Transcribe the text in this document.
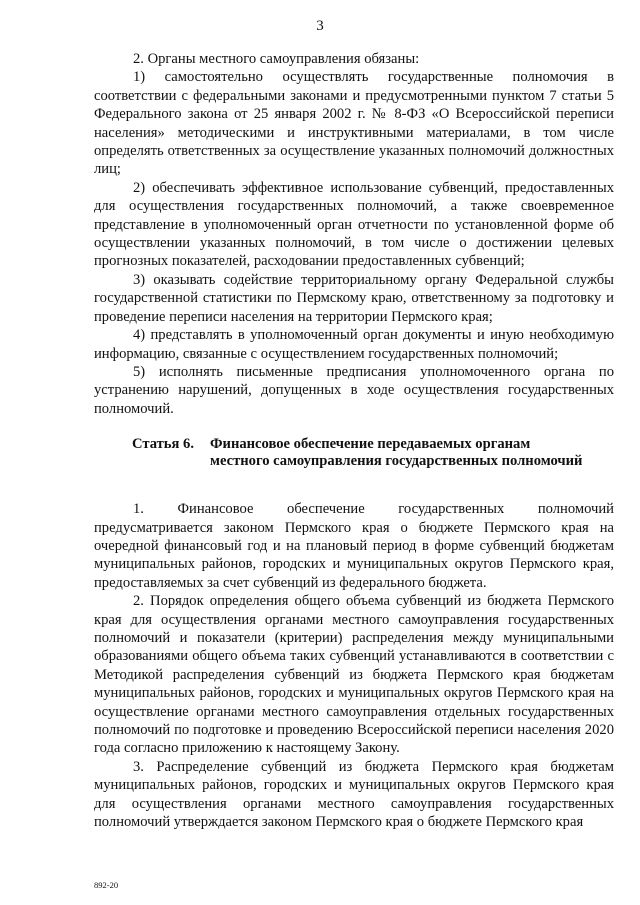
3

2. Органы местного самоуправления обязаны:

1) самостоятельно осуществлять государственные полномочия в соответствии с федеральными законами и предусмотренными пунктом 7 статьи 5 Федерального закона от 25 января 2002 г. № 8-ФЗ «О Всероссийской переписи населения» методическими и инструктивными материалами, в том числе определять ответственных за осуществление указанных полномочий должностных лиц;

2) обеспечивать эффективное использование субвенций, предоставленных для осуществления государственных полномочий, а также своевременное представление в уполномоченный орган отчетности по установленной форме об осуществлении указанных полномочий, в том числе о достижении целевых прогнозных показателей, расходовании предоставленных субвенций;

3) оказывать содействие территориальному органу Федеральной службы государственной статистики по Пермскому краю, ответственному за подготовку и проведение переписи населения на территории Пермского края;

4) представлять в уполномоченный орган документы и иную необходимую информацию, связанные с осуществлением государственных полномочий;

5) исполнять письменные предписания уполномоченного органа по устранению нарушений, допущенных в ходе осуществления государственных полномочий.

Статья 6. Финансовое обеспечение передаваемых органам
местного самоуправления государственных полномочий

1. Финансовое обеспечение государственных полномочий предусматривается законом Пермского края о бюджете Пермского края на очередной финансовый год и на плановый период в форме субвенций бюджетам муниципальных районов, городских и муниципальных округов Пермского края, предоставляемых за счет субвенций из федерального бюджета.

2. Порядок определения общего объема субвенций из бюджета Пермского края для осуществления органами местного самоуправления государственных полномочий и показатели (критерии) распределения между муниципальными образованиями общего объема таких субвенций устанавливаются в соответствии с Методикой распределения субвенций из бюджета Пермского края бюджетам муниципальных районов, городских и муниципальных округов Пермского края на осуществление органами местного самоуправления отдельных государственных полномочий по подготовке и проведению Всероссийской переписи населения 2020 года согласно приложению к настоящему Закону.

3. Распределение субвенций из бюджета Пермского края бюджетам муниципальных районов, городских и муниципальных округов Пермского края для осуществления органами местного самоуправления государственных полномочий утверждается законом Пермского края о бюджете Пермского края

892-20
